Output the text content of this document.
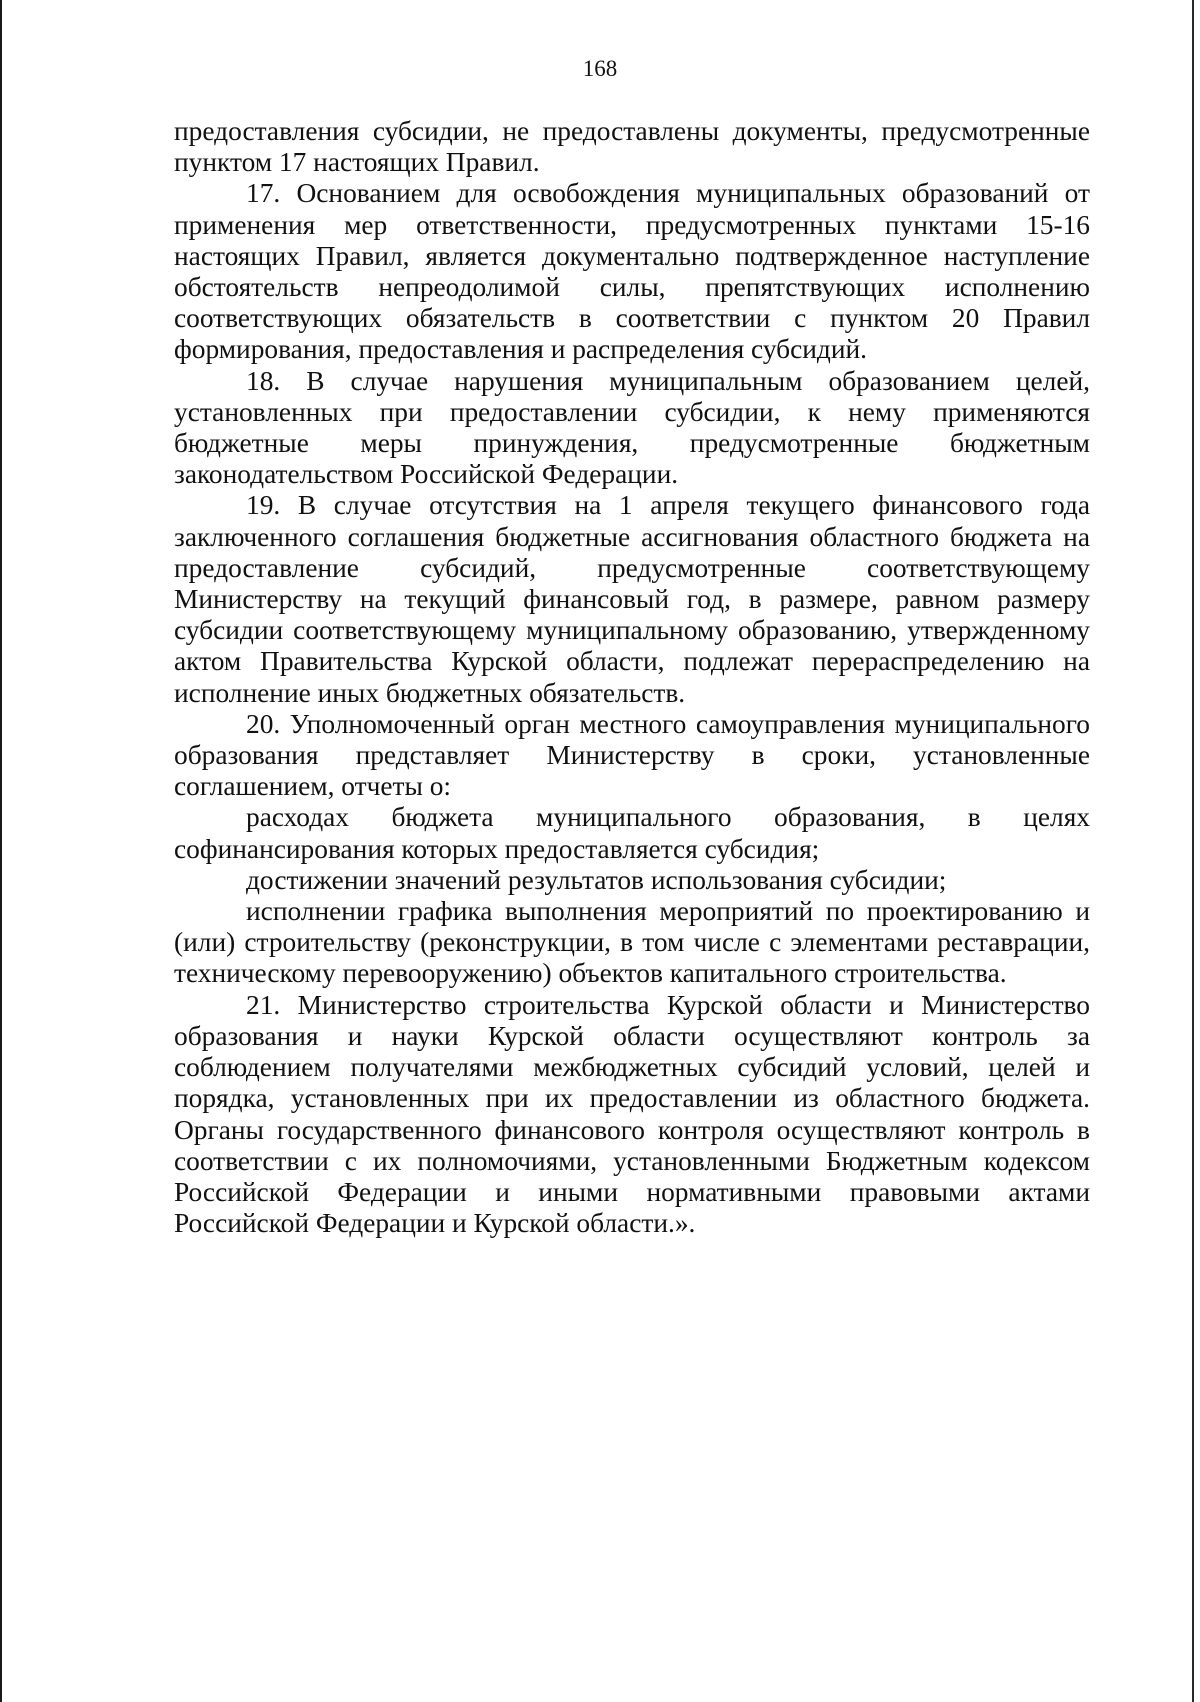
168

предоставления субсидии, не предоставлены документы, предусмотренные пунктом 17 настоящих Правил.

17. Основанием для освобождения муниципальных образований от применения мер ответственности, предусмотренных пунктами 15-16 настоящих Правил, является документально подтвержденное наступление обстоятельств непреодолимой силы, препятствующих исполнению соответствующих обязательств в соответствии с пунктом 20 Правил формирования, предоставления и распределения субсидий.

18. В случае нарушения муниципальным образованием целей, установленных при предоставлении субсидии, к нему применяются бюджетные меры принуждения, предусмотренные бюджетным законодательством Российской Федерации.

19. В случае отсутствия на 1 апреля текущего финансового года заключенного соглашения бюджетные ассигнования областного бюджета на предоставление субсидий, предусмотренные соответствующему Министерству на текущий финансовый год, в размере, равном размеру субсидии соответствующему муниципальному образованию, утвержденному актом Правительства Курской области, подлежат перераспределению на исполнение иных бюджетных обязательств.

20. Уполномоченный орган местного самоуправления муниципального образования представляет Министерству в сроки, установленные соглашением, отчеты о:

расходах бюджета муниципального образования, в целях софинансирования которых предоставляется субсидия;

достижении значений результатов использования субсидии;

исполнении графика выполнения мероприятий по проектированию и (или) строительству (реконструкции, в том числе с элементами реставрации, техническому перевооружению) объектов капитального строительства.

21. Министерство строительства Курской области и Министерство образования и науки Курской области осуществляют контроль за соблюдением получателями межбюджетных субсидий условий, целей и порядка, установленных при их предоставлении из областного бюджета. Органы государственного финансового контроля осуществляют контроль в соответствии с их полномочиями, установленными Бюджетным кодексом Российской Федерации и иными нормативными правовыми актами Российской Федерации и Курской области.».
